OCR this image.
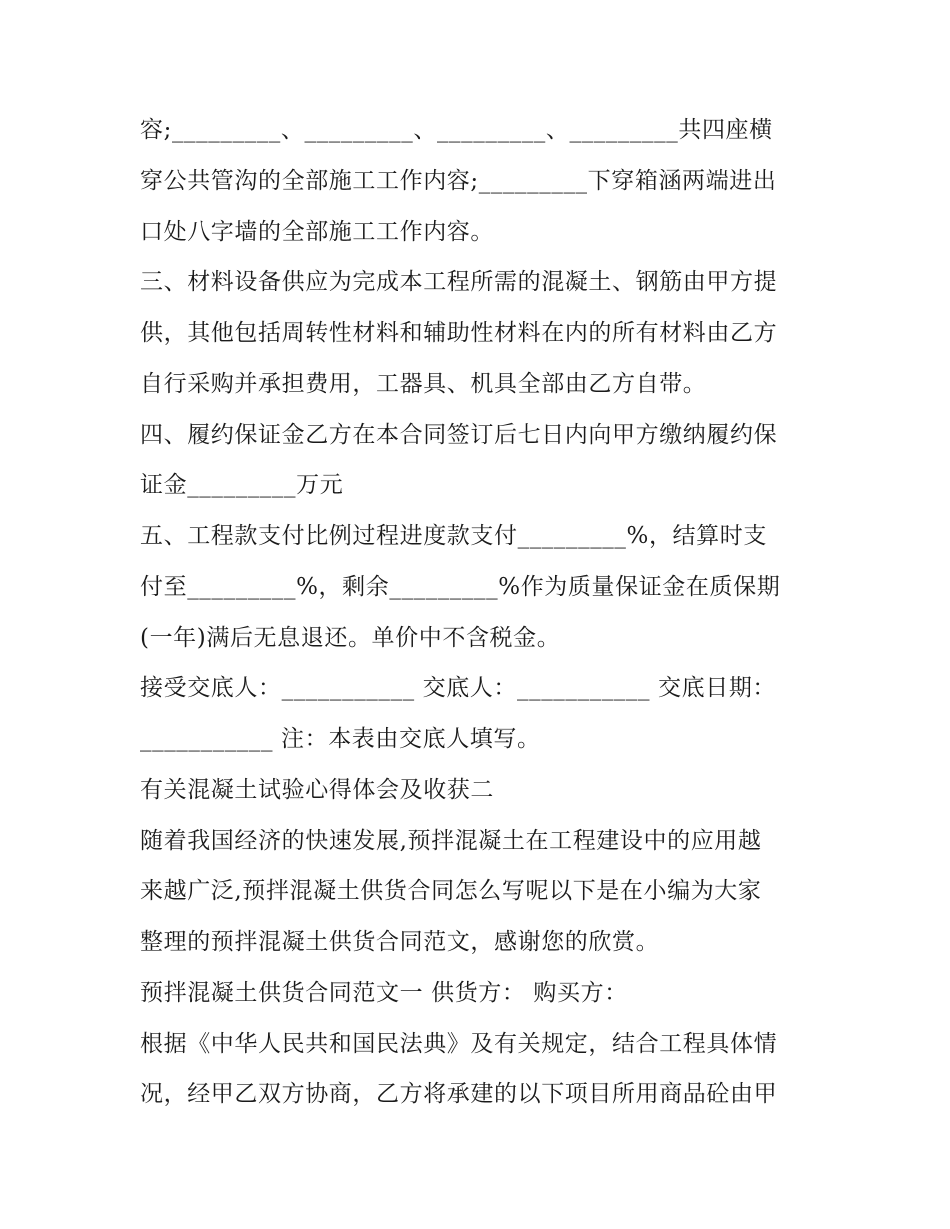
容;_________、_________、_________、_________共四座横
穿公共管沟的全部施工工作内容;_________下穿箱涵两端进出
口处八字墙的全部施工工作内容。
三、材料设备供应为完成本工程所需的混凝土、钢筋由甲方提
供，其他包括周转性材料和辅助性材料在内的所有材料由乙方
自行采购并承担费用，工器具、机具全部由乙方自带。
四、履约保证金乙方在本合同签订后七日内向甲方缴纳履约保
证金_________万元
五、工程款支付比例过程进度款支付_________%，结算时支
付至_________%，剩余_________%作为质量保证金在质保期
(一年)满后无息退还。单价中不含税金。
接受交底人：___________ 交底人：___________ 交底日期：
___________ 注：本表由交底人填写。
有关混凝土试验心得体会及收获二
随着我国经济的快速发展,预拌混凝土在工程建设中的应用越
来越广泛,预拌混凝土供货合同怎么写呢以下是在小编为大家
整理的预拌混凝土供货合同范文，感谢您的欣赏。
预拌混凝土供货合同范文一 供货方： 购买方：
根据《中华人民共和国民法典》及有关规定，结合工程具体情
况，经甲乙双方协商，乙方将承建的以下项目所用商品砼由甲
